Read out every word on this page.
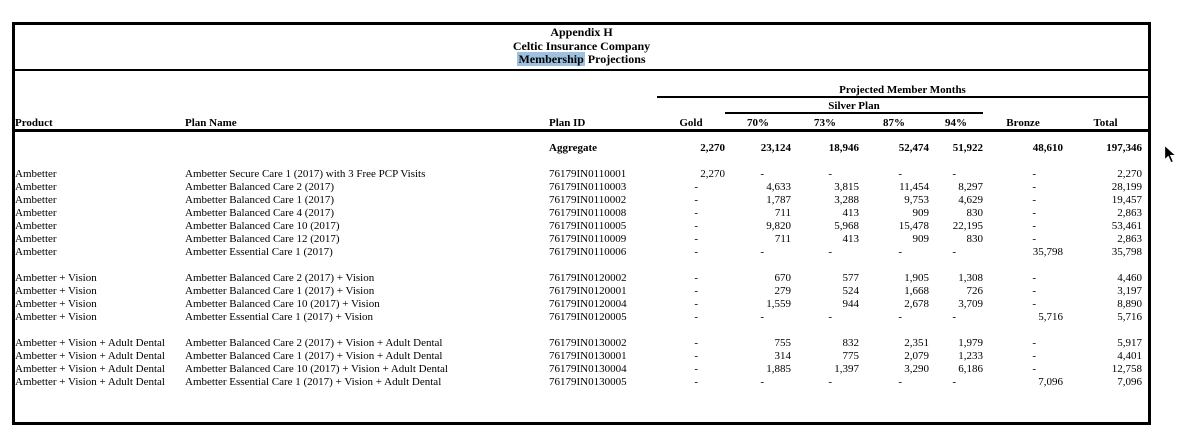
Appendix H
Celtic Insurance Company
Membership Projections
			Projected Member Months						
				Silver Plan					
Product	Plan Name	Plan ID	Gold	70%	73%	87%	94%	Bronze	Total
		Aggregate	2,270	23,124	18,946	52,474	51,922	48,610	197,346

Ambetter	Ambetter Secure Care 1 (2017) with 3 Free PCP Visits	76179IN0110001	2,270	-	-	-	-	-	2,270
Ambetter	Ambetter Balanced Care 2 (2017)	76179IN0110003	-	4,633	3,815	11,454	8,297	-	28,199
Ambetter	Ambetter Balanced Care 1 (2017)	76179IN0110002	-	1,787	3,288	9,753	4,629	-	19,457
Ambetter	Ambetter Balanced Care 4 (2017)	76179IN0110008	-	711	413	909	830	-	2,863
Ambetter	Ambetter Balanced Care 10 (2017)	76179IN0110005	-	9,820	5,968	15,478	22,195	-	53,461
Ambetter	Ambetter Balanced Care 12 (2017)	76179IN0110009	-	711	413	909	830	-	2,863
Ambetter	Ambetter Essential Care 1 (2017)	76179IN0110006	-	-	-	-	-	35,798	35,798

Ambetter + Vision	Ambetter Balanced Care 2 (2017) + Vision	76179IN0120002	-	670	577	1,905	1,308	-	4,460
Ambetter + Vision	Ambetter Balanced Care 1 (2017) + Vision	76179IN0120001	-	279	524	1,668	726	-	3,197
Ambetter + Vision	Ambetter Balanced Care 10 (2017) + Vision	76179IN0120004	-	1,559	944	2,678	3,709	-	8,890
Ambetter + Vision	Ambetter Essential Care 1 (2017) + Vision	76179IN0120005	-	-	-	-	-	5,716	5,716

Ambetter + Vision + Adult Dental	Ambetter Balanced Care 2 (2017) + Vision + Adult Dental	76179IN0130002	-	755	832	2,351	1,979	-	5,917
Ambetter + Vision + Adult Dental	Ambetter Balanced Care 1 (2017) + Vision + Adult Dental	76179IN0130001	-	314	775	2,079	1,233	-	4,401
Ambetter + Vision + Adult Dental	Ambetter Balanced Care 10 (2017) + Vision + Adult Dental	76179IN0130004	-	1,885	1,397	3,290	6,186	-	12,758
Ambetter + Vision + Adult Dental	Ambetter Essential Care 1 (2017) + Vision + Adult Dental	76179IN0130005	-	-	-	-	-	7,096	7,096
